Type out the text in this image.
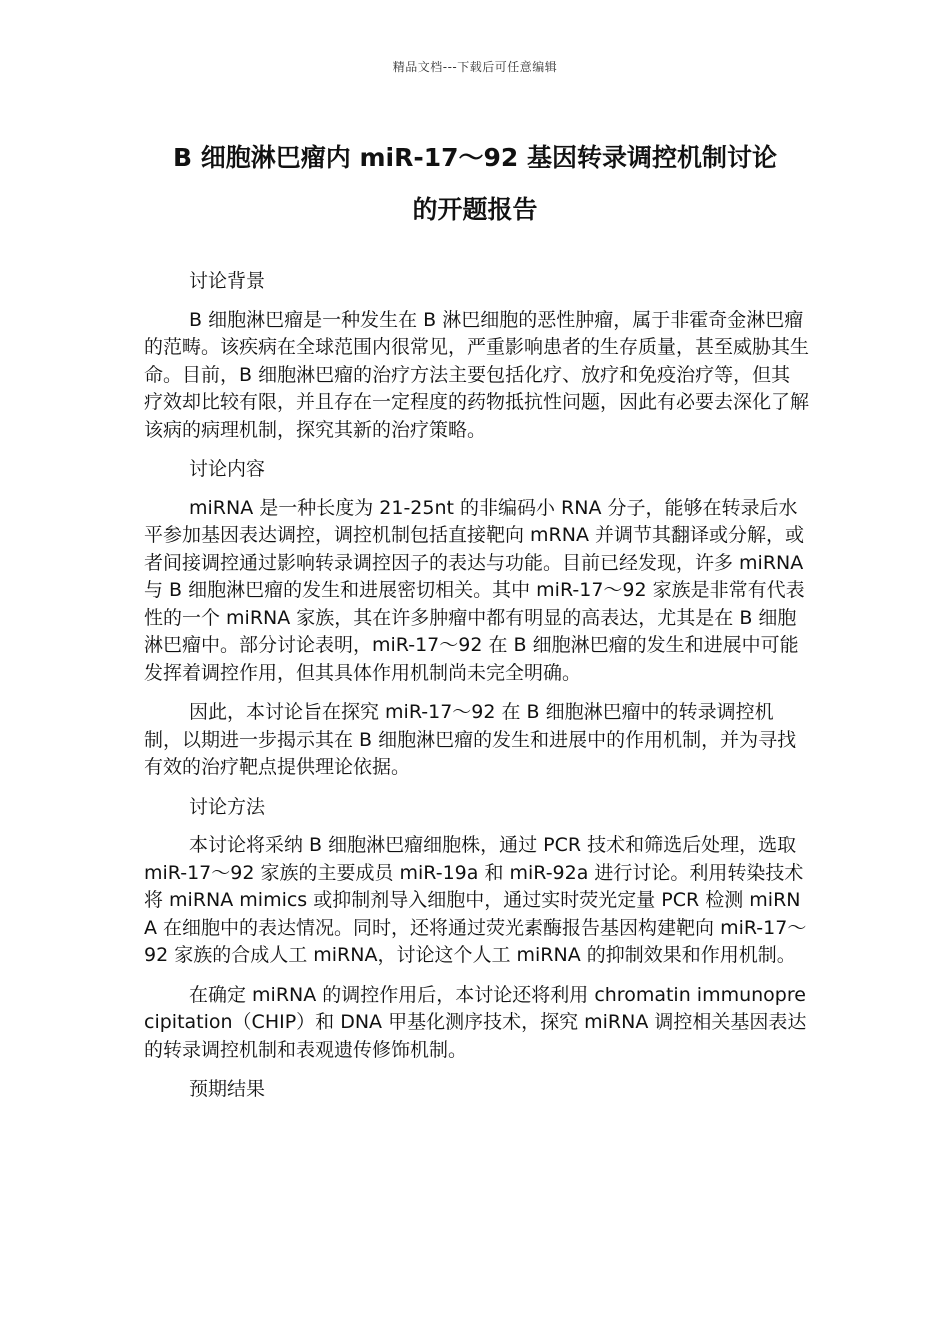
精品文档---下载后可任意编辑
B 细胞淋巴瘤内 miR-17～92 基因转录调控机制讨论
的开题报告
讨论背景

B 细胞淋巴瘤是一种发生在 B 淋巴细胞的恶性肿瘤，属于非霍奇金淋巴瘤的范畴。该疾病在全球范围内很常见，严重影响患者的生存质量，甚至威胁其生命。目前，B 细胞淋巴瘤的治疗方法主要包括化疗、放疗和免疫治疗等，但其疗效却比较有限，并且存在一定程度的药物抵抗性问题，因此有必要去深化了解该病的病理机制，探究其新的治疗策略。

讨论内容

miRNA 是一种长度为 21-25nt 的非编码小 RNA 分子，能够在转录后水平参加基因表达调控，调控机制包括直接靶向 mRNA 并调节其翻译或分解，或者间接调控通过影响转录调控因子的表达与功能。目前已经发现，许多 miRNA 与 B 细胞淋巴瘤的发生和进展密切相关。其中 miR-17～92 家族是非常有代表性的一个 miRNA 家族，其在许多肿瘤中都有明显的高表达，尤其是在 B 细胞淋巴瘤中。部分讨论表明，miR-17～92 在 B 细胞淋巴瘤的发生和进展中可能发挥着调控作用，但其具体作用机制尚未完全明确。

因此，本讨论旨在探究 miR-17～92 在 B 细胞淋巴瘤中的转录调控机制，以期进一步揭示其在 B 细胞淋巴瘤的发生和进展中的作用机制，并为寻找有效的治疗靶点提供理论依据。

讨论方法

本讨论将采纳 B 细胞淋巴瘤细胞株，通过 PCR 技术和筛选后处理，选取 miR-17～92 家族的主要成员 miR-19a 和 miR-92a 进行讨论。利用转染技术将 miRNA mimics 或抑制剂导入细胞中，通过实时荧光定量 PCR 检测 miRNA 在细胞中的表达情况。同时，还将通过荧光素酶报告基因构建靶向 miR-17～92 家族的合成人工 miRNA，讨论这个人工 miRNA 的抑制效果和作用机制。

在确定 miRNA 的调控作用后，本讨论还将利用 chromatin immunoprecipitation（CHIP）和 DNA 甲基化测序技术，探究 miRNA 调控相关基因表达的转录调控机制和表观遗传修饰机制。

预期结果
